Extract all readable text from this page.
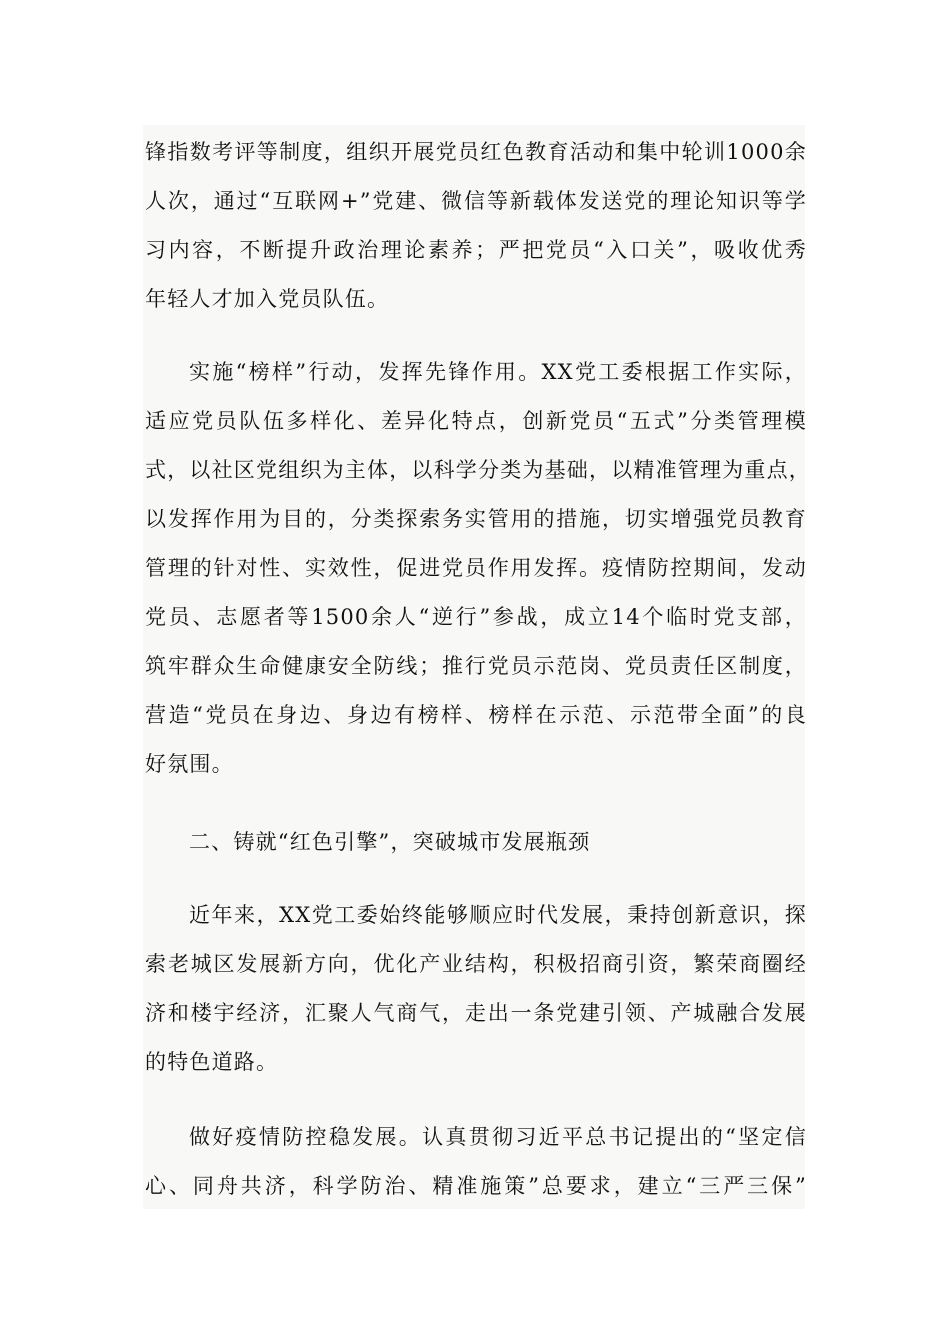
锋指数考评等制度，组织开展党员红色教育活动和集中轮训1000余
人次，通过“互联网+”党建、微信等新载体发送党的理论知识等学
习内容，不断提升政治理论素养；严把党员“入口关”，吸收优秀
年轻人才加入党员队伍。
实施“榜样”行动，发挥先锋作用。XX党工委根据工作实际，
适应党员队伍多样化、差异化特点，创新党员“五式”分类管理模
式，以社区党组织为主体，以科学分类为基础，以精准管理为重点，
以发挥作用为目的，分类探索务实管用的措施，切实增强党员教育
管理的针对性、实效性，促进党员作用发挥。疫情防控期间，发动
党员、志愿者等1500余人“逆行”参战，成立14个临时党支部，
筑牢群众生命健康安全防线；推行党员示范岗、党员责任区制度，
营造“党员在身边、身边有榜样、榜样在示范、示范带全面”的良
好氛围。
二、铸就“红色引擎”，突破城市发展瓶颈
近年来，XX党工委始终能够顺应时代发展，秉持创新意识，探
索老城区发展新方向，优化产业结构，积极招商引资，繁荣商圈经
济和楼宇经济，汇聚人气商气，走出一条党建引领、产城融合发展
的特色道路。
做好疫情防控稳发展。认真贯彻习近平总书记提出的“坚定信
心、同舟共济，科学防治、精准施策”总要求，建立“三严三保”
